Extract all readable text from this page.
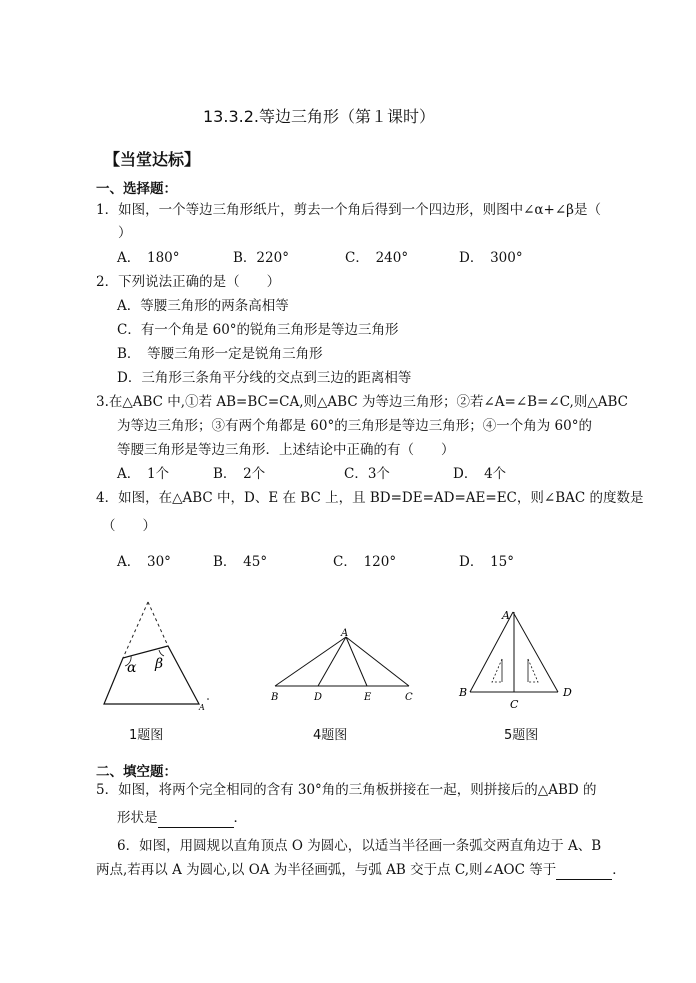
13.3.2.等边三角形（第１课时）
【当堂达标】
一、选择题：
1．如图，一个等边三角形纸片，剪去一个角后得到一个四边形，则图中∠α+∠β是（
）
A．　180°	B．220°	C．　240°	D．　300°
2．下列说法正确的是（　　）
A．等腰三角形的两条高相等
C．有一个角是 60°的锐角三角形是等边三角形
B．　等腰三角形一定是锐角三角形
D．三角形三条角平分线的交点到三边的距离相等
3.在△ABC 中,①若 AB=BC=CA,则△ABC 为等边三角形；②若∠A=∠B=∠C,则△ABC
为等边三角形；③有两个角都是 60°的三角形是等边三角形；④一个角为 60°的
等腰三角形是等边三角形．上述结论中正确的有（　　）
A．　1个	B．　2个	C．3个	D．　4个
4．如图，在△ABC 中，D、E 在 BC 上，且 BD=DE=AD=AE=EC，则∠BAC 的度数是
（　　）
A．　30°	B．　45°	C．　120°	D．　15°
α β
A
1题图
A
B	D	E	C
4题图
A
B
C
D
5题图
二、填空题：
5．如图，将两个完全相同的含有 30°角的三角板拼接在一起，则拼接后的△ABD 的
形状是	．
6．如图，用圆规以直角顶点 O 为圆心，以适当半径画一条弧交两直角边于 A、B
两点,若再以 A 为圆心,以 OA 为半径画弧，与弧 AB 交于点 C,则∠AOC 等于	．
